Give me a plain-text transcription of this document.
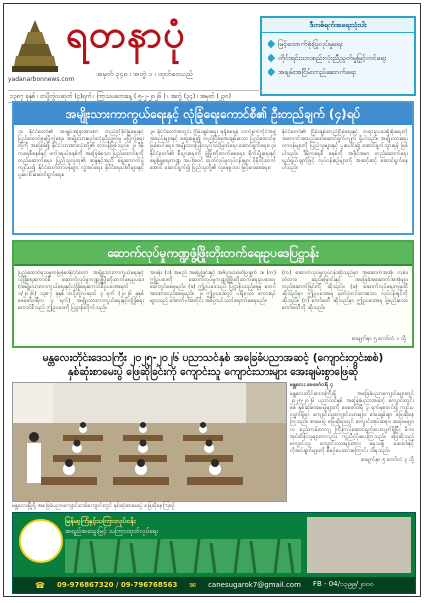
ရတနာပုံ
yadanarbonnews.com
အမှတ် ၃၄၈ ၊ အတွဲ ၁ ၊ ထုတ်ဝေသည်
ဒီတစ်ရက်အရေးသုံးပါး
မြင့်ထောက်ဖုံးပြုလုပ်မှုရေး
တိုင်းရင်းသားစည်းလုံးညီညွတ်မှုမြှင့်တင်ရေး
အချမ်းအငြိမ်းတည်ဆောက်ရေး
၁၃၈၇ ခုနှစ် ၊ တပို့တွဲလဆုတ် (၄)ရက် ၊ ကြာသပတေးနေ့ ( ၅-၂-၂၀၂၆ ) ၊ အတွဲ (၃၄) ၊ အမှတ် (၂၃၀)
အမျိုးသားကာကွယ်ရေးနှင့် လုံခြုံရေးကောင်စီ၏ ဦးတည်ချက် (၄)ရပ်
၁။ နိုင်ငံတော်၏ အချုပ်အခြာအာဏာ တည်တံ့ခိုင်မြဲရေးနှင့် ပြည်ထောင်စုမပြိုကွဲရေး၊ အမျိုးသားစည်းလုံးညီညွတ်မှု မပြိုကွဲရေးတို့ကို အခြေခံ၍ နိုင်ငံသားအားလုံးတို့၏ တာဝန်ဖြစ်သည်။ ၂။ ဒီမိုကရေစီစနစ်နှင့် ဖက်ဒရယ်စနစ်ကို အခြေခံသော ပြည်ထောင်စုကို တည်ဆောက်ရေး၊ ပြည်သူလူထု၏ ဆန္ဒနှင့်အညီ ရွေးကောက်ပွဲ ကျင်းပ၍ နိုင်ငံတော်တာဝန်များ လွှဲအပ်ရေး၊ နိုင်ငံရေးပါတီများနှင့် ပူးပေါင်းဆောင်ရွက်ရေး။
၃။ နိုင်ငံတော်အတွင်း ငြိမ်းချမ်းရေး ရရှိစေရန် လက်နက်ကိုင်အဖွဲ့အစည်းများနှင့် ဆွေးနွေး၍ တည်ငြိမ်အေးချမ်းသော ပြည်ထောင်စု ဖြစ်ပေါ်ရေး၊ အမျိုးသားပြန်လည်သင့်မြတ်ရေး ဆောင်ရွက်ရေး။ ၄။ နိုင်ငံတော်၏ စီးပွားရေးကို ဖွံ့ဖြိုးတိုးတက်စေရေး၊ စိုက်ပျိုးရေးနှင့် မွေးမြူရေးကဏ္ဍ အပါအဝင် ထုတ်လုပ်မှုလုပ်ငန်းများ ပိုမိုတိုးတက်အောင် ဆောင်ရွက်၍ ပြည်သူတို့၏ လူနေမှုဘဝ မြင့်မားစေရေး။
နိုင်ငံတော်၏ ငြိမ်းချမ်းတည်ငြိမ်ရေးနှင့် တရားဥပဒေစိုးမိုးရေးကို အကောင်အထည်ဖော်ဆောင်ရွက်လျက် ရှိပါသည်။ အမျိုးသားရေးတာဝန်များကို ပြည်သူများနှင့် ပူးပေါင်း၍ ဆောင်ရွက်သွားရန် ဖြစ်ပါသည်။ ဒီမိုကရေစီ စနစ်ကို အခိုင်အမာ တည်ဆောက်ရေး ရည်ရွယ်ချက်ဖြင့် လုပ်ငန်းစဉ်များကို အဆင့်ဆင့် ဆောင်ရွက်နေပါသည်။
ဆောက်လုပ်မှုကဏ္ဍဖွံ့ဖြိုးတိုးတက်ရေးဥပဒေပြဋ္ဌာန်း
ပြည်ထောင်စုသမ္မတမြန်မာနိုင်ငံတော် အမျိုးသားကာကွယ်ရေးနှင့်လုံခြုံရေးကောင်စီ ဆောက်လုပ်မှုကဏ္ဍဖွံ့ဖြိုးတိုးတက်ရေးဥပဒေ (အမျိုးသားကာကွယ်ရေးနှင့်လုံခြုံရေးကောင်စီဥပဒေအမှတ် ၁/၂၀၂၆) ၁၃၈၇ ခုနှစ် တပို့တွဲလဆုတ် ၃ ရက် (၂၀၂၆ ခုနှစ် ဖေဖော်ဝါရီလ ၄ ရက်) အမျိုးသားကာကွယ်ရေးနှင့်လုံခြုံရေးကောင်စီသည် ဤဥပဒေကို ပြဋ္ဌာန်းလိုက်သည်။
အခန်း (၁) အမည် အစပြုခြင်းနှင့် အဓိပ္ပာယ်ဖော်ပြချက် ၁။ (က) ဤဥပဒေကို ဆောက်လုပ်မှုကဏ္ဍဖွံ့ဖြိုးတိုးတက်ရေးဥပဒေဟု ခေါ်တွင်စေရမည်။ (ခ) ဤဥပဒေသည် ပြဋ္ဌာန်းသည့်နေ့မှ စတင်အာဏာတည်စေရမည်။ ၂။ ဤဥပဒေတွင် ပါရှိသော စကားရပ်များသည် အောက်ပါအတိုင်း အဓိပ္ပာယ်သက်ရောက်စေရမည်။
(က) ဆောက်လုပ်မှုလုပ်ငန်းဆိုသည်မှာ အဆောက်အအုံ၊ လမ်း၊ တံတား၊ ဆည်မြောင်းနှင့် အခြေခံအဆောက်အအုံများ တည်ဆောက်ခြင်းကို ဆိုသည်။ (ခ) ဆောက်လုပ်ရေးကုမ္ပဏီ ဆိုသည်မှာ ဤဥပဒေအရ မှတ်ပုံတင်ထားသော လုပ်ငန်းရှင်ကို ဆိုသည်။ (ဂ) ကော်မတီ ဆိုသည်မှာ ဤဥပဒေအရ ဖွဲ့စည်းသော ကော်မတီကို ဆိုသည်။
စာမျက်နှာ ၅ ကော်လံ ၁ သို့
မန္တလေးတိုင်းဒေသကြီး ၂၀၂၅-၂၀၂၆ ပညာသင်နှစ် အခြေခံပညာအဆင့် (ကျောင်းတွင်းစစ်)
နှစ်ဆုံးစာမေးပွဲ ဖြေဆိုခြင်းကို ကျောင်းသူ ကျောင်းသားများ အေးချမ်းစွာဖြေဆို
မန္တလေးမြို့ရှိ အခြေခံပညာကျောင်းတစ်ကျောင်းတွင် နှစ်ဆုံးစာမေးပွဲ ဖြေဆိုနေကြစဉ်
မန္တလေး ဖေဖော်ဝါရီ ၄
မန္တလေးတိုင်းဒေသကြီးရှိ အခြေခံပညာကျောင်းများတွင် ၂၀၂၅-၂၀၂၆ ပညာသင်နှစ် အခြေခံပညာအဆင့် ကျောင်းတွင်းစစ် နှစ်ဆုံးစာမေးပွဲများကို ဖေဖော်ဝါရီ ၃ ရက်မှစတင်၍ ကျင်းပလျက်ရှိရာ ကျောင်းသူကျောင်းသားများ အေးချမ်းစွာ ဖြေဆိုနေကြသည်။ စာမေးပွဲ ဖြေဆိုရာတွင် ကျောင်းအုပ်ဆရာ၊ ဆရာမများက စည်းကမ်းတကျ ကြီးကြပ်ဆောင်ရွက်ပေးလျက်ရှိပြီး မိဘ၊ အုပ်ထိန်းသူများကလည်း ကူညီပံ့ပိုးပေးကြသည်။ ဖြေဆိုသည့် ကျောင်းသူ ကျောင်းသားများအား ရေသန့်၊ ဆေးဝါးနှင့် လိုအပ်ချက်များကို စီစဉ်ပေးထားကြောင်း သိရသည်။
စာမျက်နှာ ၅ ကော်လံ ၃ သို့
မြန်မာ့ကြံနှင့်သကြားလုပ်ငန်း
အရည်အသွေးမြင့် သကြားထုတ်လုပ်ရေး
☎ 09-976867320 / 09-796768563 ✉ canesugarok7@gmail.com FB - 04/၁၃၉၉/၂၀၀၀
